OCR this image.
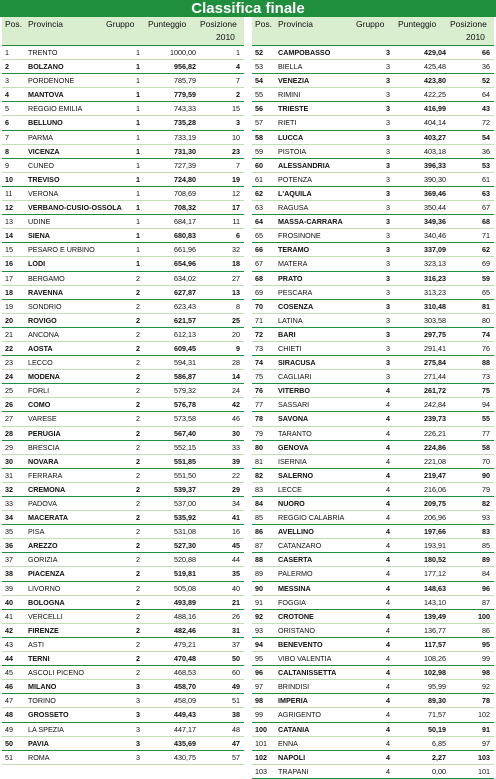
Classifica finale
Pos. Provincia	Gruppo Punteggio Posizione
2010
1	TRENTO	1	1000,00	1
2	BOLZANO	1	956,82	4
3	PORDENONE	1	785,79	7
4	MANTOVA	1	779,59	2
5	REGGIO EMILIA	1	743,33	15
6	BELLUNO	1	735,28	3
7	PARMA	1	733,19	10
8	VICENZA	1	731,30	23
9	CUNEO	1	727,39	7
10 TREVISO	1	724,80	19
11 VERONA	1	708,69	12
12 VERBANO-CUSIO-OSSOLA	1	708,32	17
13 UDINE	1	684,17	11
14 SIENA	1	680,83	6
15 PESARO E URBINO	1	661,96	32
16 LODI	1	654,96	18
17 BERGAMO	2	634,02	27
18 RAVENNA	2	627,87	13
19 SONDRIO	2	623,43	8
20 ROVIGO	2	621,57	25
21 ANCONA	2	612,13	20
22 AOSTA	2	609,45	9
23 LECCO	2	594,31	28
24 MODENA	2	586,87	14
25 FORLI	2	579,32	24
26 COMO	2	576,78	42
27 VARESE	2	573,58	46
28 PERUGIA	2	567,40	30
29 BRESCIA	2	552,15	33
30 NOVARA	2	551,85	39
31 FERRARA	2	551,50	22
32 CREMONA	2	539,37	29
33 PADOVA	2	537,00	34
34 MACERATA	2	535,92	41
35 PISA	2	531,08	16
36 AREZZO	2	527,30	45
37 GORIZIA	2	520,88	44
38 PIACENZA	2	519,81	35
39 LIVORNO	2	505,08	40
40 BOLOGNA	2	493,89	21
41 VERCELLI	2	488,16	26
42 FIRENZE	2	482,46	31
43 ASTI	2	479,21	37
44 TERNI	2	470,48	50
45 ASCOLI PICENO	2	468,53	60
46 MILANO	3	458,70	49
47 TORINO	3	458,09	51
48 GROSSETO	3	449,43	38
49 LA SPEZIA	3	447,17	48
50 PAVIA	3	435,69	47
51 ROMA	3	430,75	57
Pos. Provincia	Gruppo Punteggio Posizione
2010
52 CAMPOBASSO	3	429,04	66
53 BIELLA	3	425,48	36
54 VENEZIA	3	423,80	52
55 RIMINI	3	422,25	64
56 TRIESTE	3	416,99	43
57 RIETI	3	404,14	72
58 LUCCA	3	403,27	54
59 PISTOIA	3	403,18	36
60 ALESSANDRIA	3	396,33	53
61 POTENZA	3	390,30	61
62 L'AQUILA	3	369,46	63
63 RAGUSA	3	350,44	67
64 MASSA-CARRARA	3	349,36	68
65 FROSINONE	3	340,46	71
66 TERAMO	3	337,09	62
67 MATERA	3	323,13	69
68 PRATO	3	316,23	59
69 PESCARA	3	313,23	65
70 COSENZA	3	310,48	81
71 LATINA	3	303,58	80
72 BARI	3	297,75	74
73 CHIETI	3	291,41	76
74 SIRACUSA	3	275,84	88
75 CAGLIARI	3	271,44	73
76 VITERBO	4	261,72	75
77 SASSARI	4	242,84	94
78 SAVONA	4	239,73	55
79 TARANTO	4	226,21	77
80 GENOVA	4	224,86	58
81 ISERNIA	4	221,08	70
82 SALERNO	4	219,47	90
83 LECCE	4	216,06	79
84 NUORO	4	209,75	82
85 REGGIO CALABRIA	4	206,96	93
86 AVELLINO	4	197,66	83
87 CATANZARO	4	193,91	85
88 CASERTA	4	180,52	89
89 PALERMO	4	177,12	84
90 MESSINA	4	148,63	96
91 FOGGIA	4	143,10	87
92 CROTONE	4	139,49	100
93 ORISTANO	4	136,77	86
94 BENEVENTO	4	117,57	95
95 VIBO VALENTIA	4	108,26	99
96 CALTANISSETTA	4	102,98	98
97 BRINDISI	4	95,99	92
98 IMPERIA	4	89,30	78
99 AGRIGENTO	4	71,57	102
100 CATANIA	4	50,19	91
101 ENNA	4	6,85	97
102 NAPOLI	4	2,27	103
103 TRAPANI	4	0,00	101
